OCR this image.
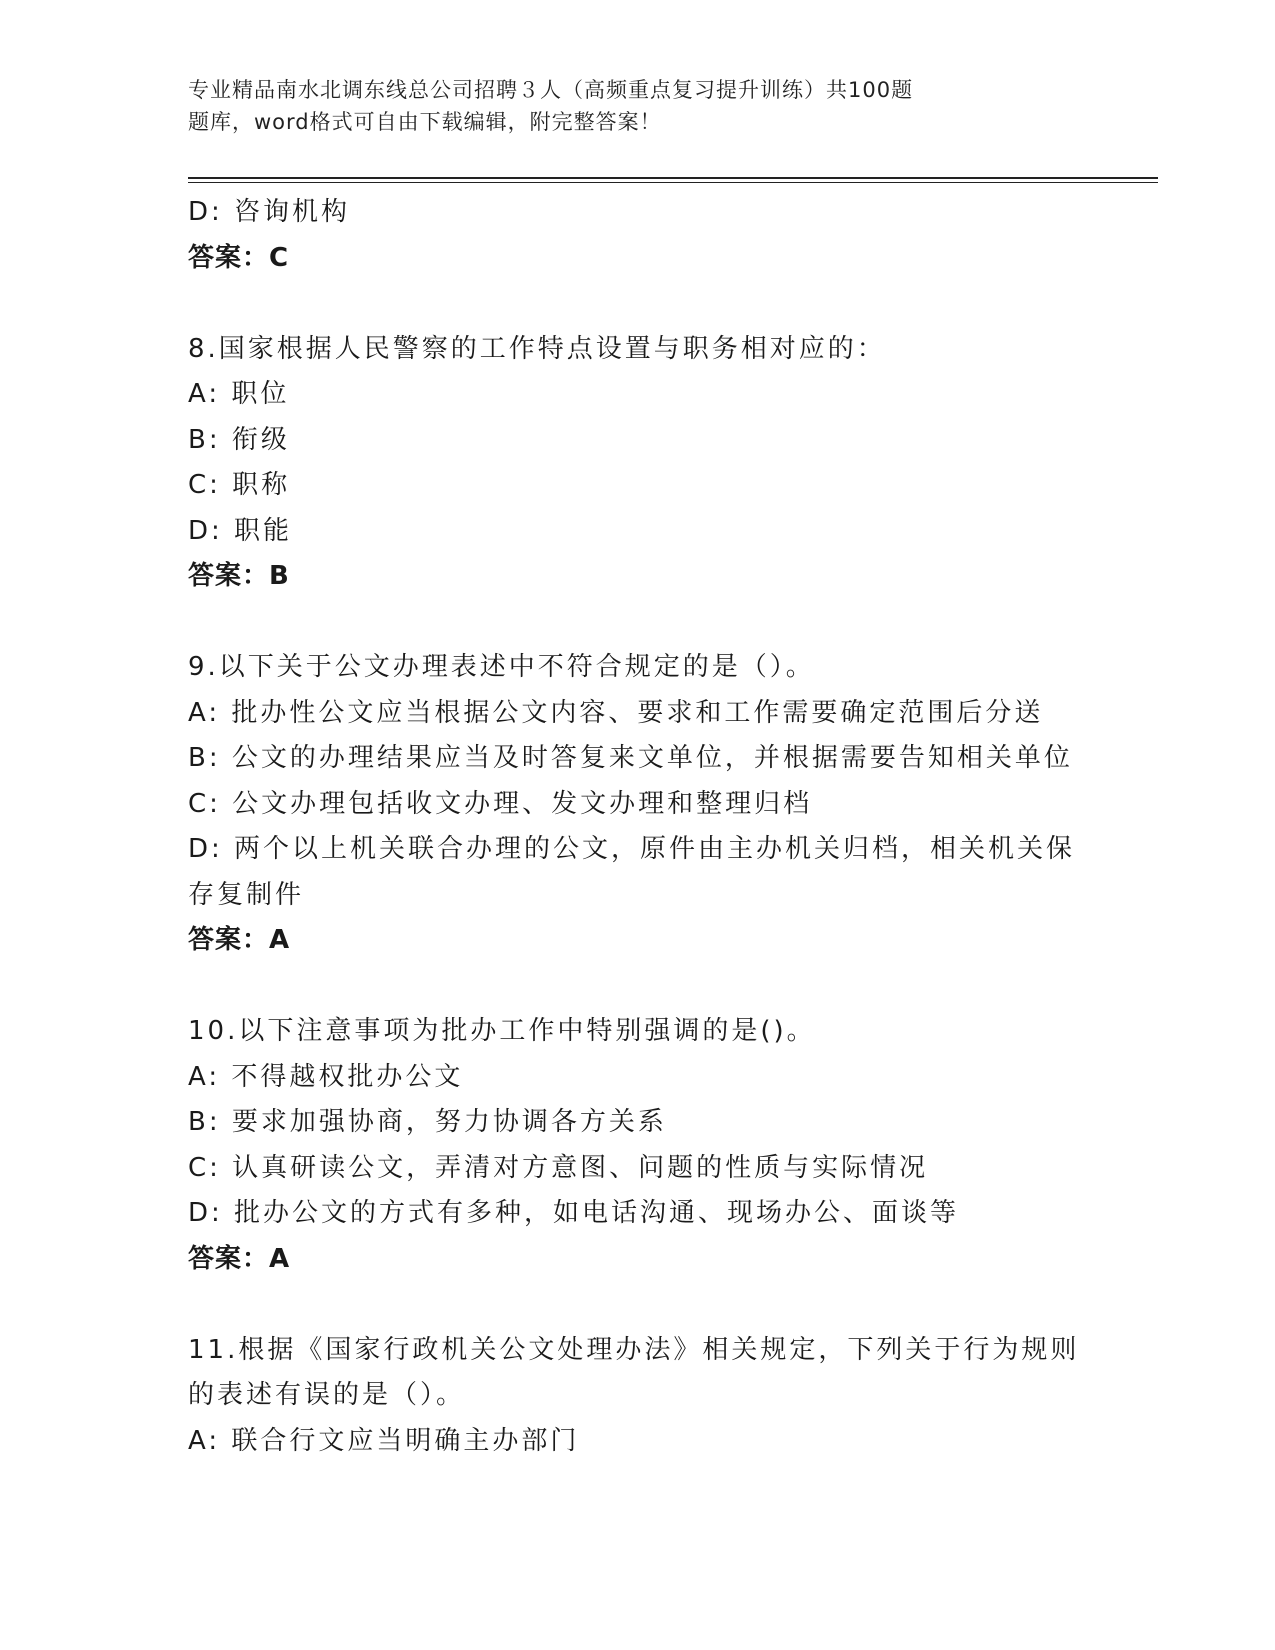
专业精品南水北调东线总公司招聘３人（高频重点复习提升训练）共100题
题库，word格式可自由下载编辑，附完整答案！
D: 咨询机构
答案：C
8.国家根据人民警察的工作特点设置与职务相对应的：
A: 职位
B: 衔级
C: 职称
D: 职能
答案：B
9.以下关于公文办理表述中不符合规定的是（）。
A: 批办性公文应当根据公文内容、要求和工作需要确定范围后分送
B: 公文的办理结果应当及时答复来文单位，并根据需要告知相关单位
C: 公文办理包括收文办理、发文办理和整理归档
D: 两个以上机关联合办理的公文，原件由主办机关归档，相关机关保
存复制件
答案：A
10.以下注意事项为批办工作中特别强调的是()。
A: 不得越权批办公文
B: 要求加强协商，努力协调各方关系
C: 认真研读公文，弄清对方意图、问题的性质与实际情况
D: 批办公文的方式有多种，如电话沟通、现场办公、面谈等
答案：A
11.根据《国家行政机关公文处理办法》相关规定，下列关于行为规则
的表述有误的是（）。
A: 联合行文应当明确主办部门
